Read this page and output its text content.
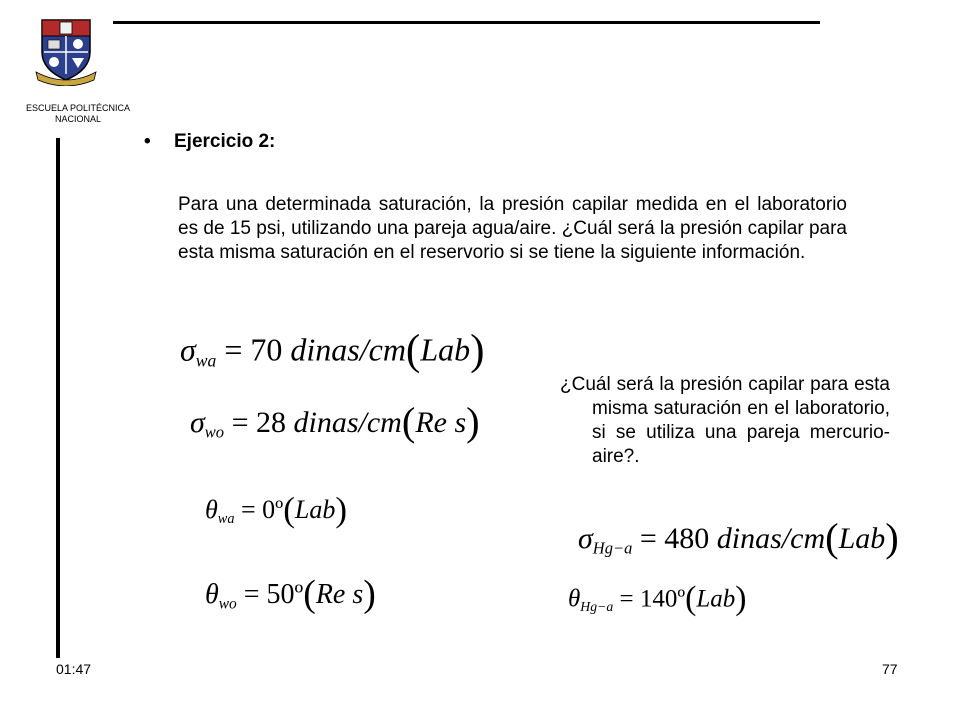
ESCUELA POLITÉCNICA
NACIONAL
• Ejercicio 2:
Para una determinada saturación, la presión capilar medida en el laboratorio es de 15 psi, utilizando una pareja agua/aire. ¿Cuál será la presión capilar para esta misma saturación en el reservorio si se tiene la siguiente información.

¿Cuál será la presión capilar para esta misma saturación en el laboratorio, si se utiliza una pareja mercurio-aire?.

$\sigma_{wa} = 70$ dinas/cm(Lab)
$\sigma_{wo} = 28$ dinas/cm(Re s)
$\theta_{wa}$ = 0º(Lab)
$\theta_{wo}$ = 50º(Re s)
$\sigma_{Hg-a} = 480$ dinas/cm(Lab)
$\theta_{Hg-a}$ = 140º(Lab)
01:47	77
